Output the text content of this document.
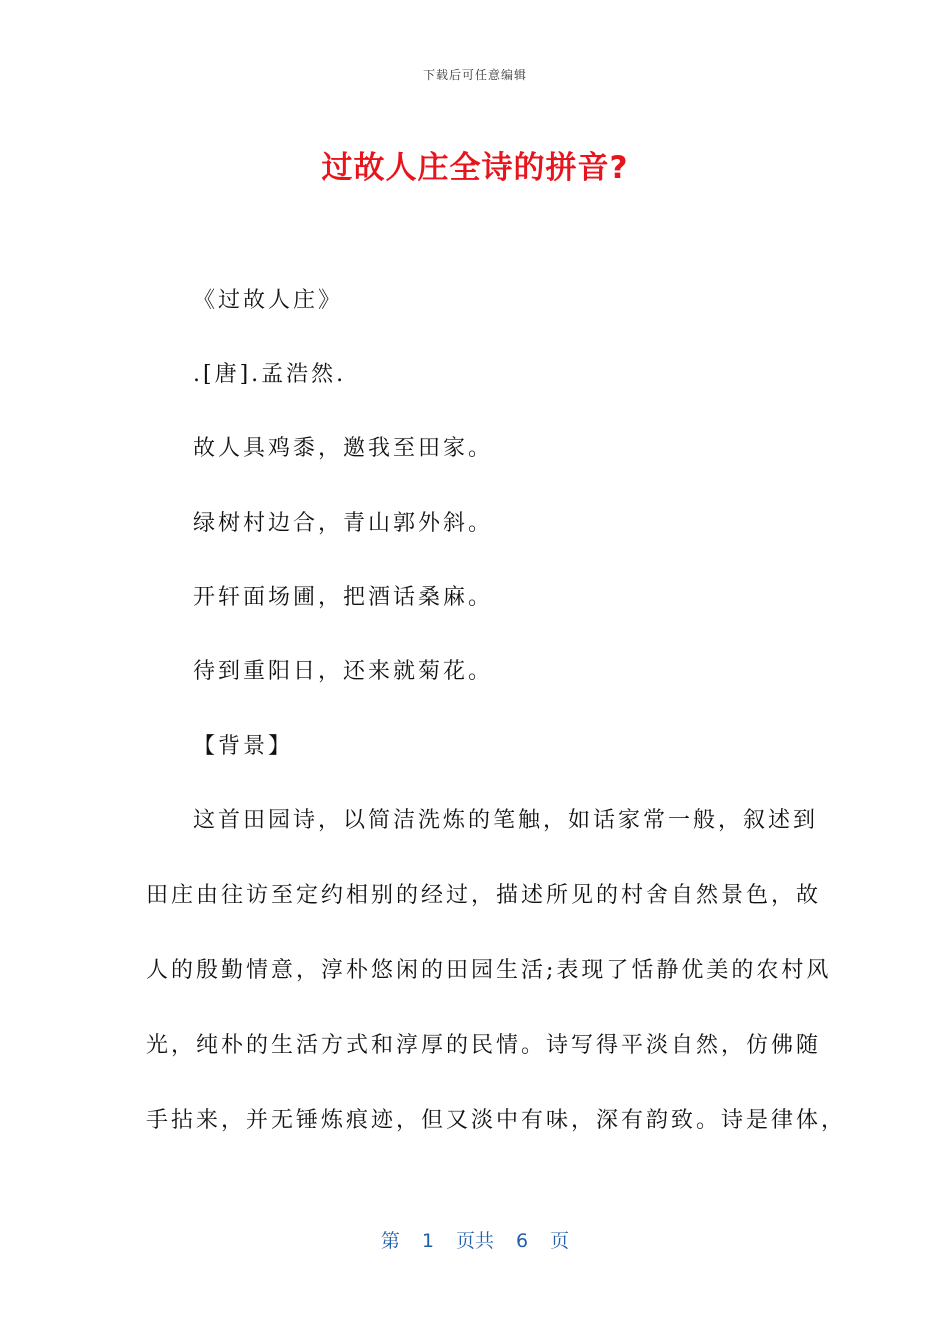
下载后可任意编辑
过故人庄全诗的拼音?
《过故人庄》
.[唐].孟浩然.
故人具鸡黍，邀我至田家。
绿树村边合，青山郭外斜。
开轩面场圃，把酒话桑麻。
待到重阳日，还来就菊花。
【背景】
这首田园诗，以简洁洗炼的笔触，如话家常一般，叙述到
田庄由往访至定约相别的经过，描述所见的村舍自然景色，故
人的殷勤情意，淳朴悠闲的田园生活;表现了恬静优美的农村风
光，纯朴的生活方式和淳厚的民情。诗写得平淡自然，仿佛随
手拈来，并无锤炼痕迹，但又淡中有味，深有韵致。诗是律体，
第 1 页共 6 页
